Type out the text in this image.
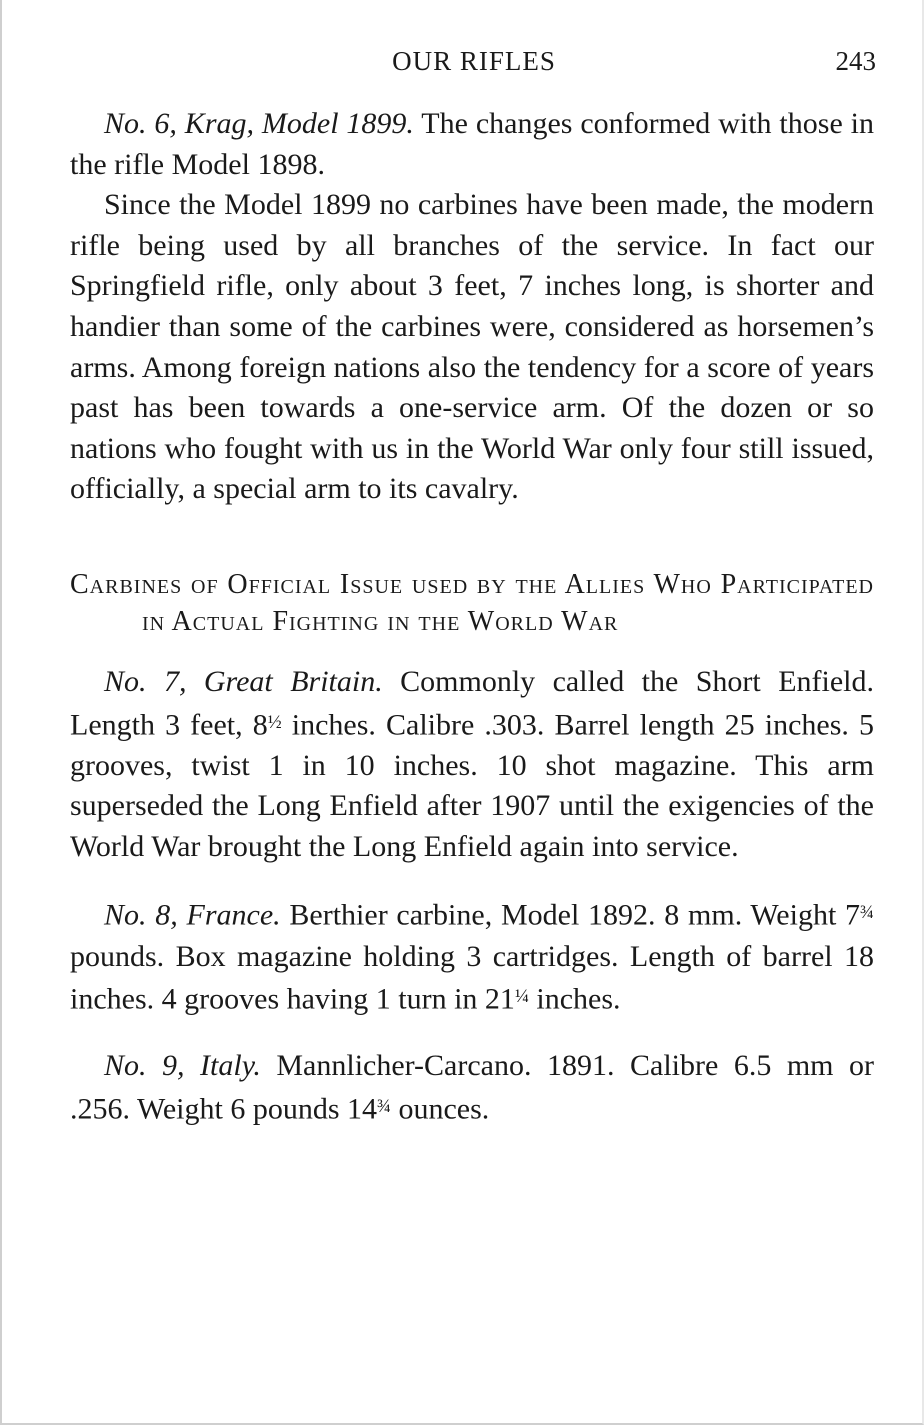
OUR RIFLES	243

No. 6, Krag, Model 1899. The changes conformed with those in the rifle Model 1898.

Since the Model 1899 no carbines have been made, the modern rifle being used by all branches of the service. In fact our Springfield rifle, only about 3 feet, 7 inches long, is shorter and handier than some of the carbines were, considered as horsemen’s arms. Among foreign nations also the tendency for a score of years past has been towards a one-service arm. Of the dozen or so nations who fought with us in the World War only four still issued, officially, a special arm to its cavalry.

Carbines of Official Issue used by the Allies Who Participated in Actual Fighting in the World War

No. 7, Great Britain. Commonly called the Short Enfield. Length 3 feet, $8^{\frac{1}{2}}$ inches. Calibre .303. Barrel length 25 inches. 5 grooves, twist 1 in 10 inches. 10 shot magazine. This arm superseded the Long Enfield after 1907 until the exigencies of the World War brought the Long Enfield again into service.

No. 8, France. Berthier carbine, Model 1892. 8 mm. Weight $7^{\frac{3}{4}}$ pounds. Box magazine holding 3 cartridges. Length of barrel 18 inches. 4 grooves having 1 turn in $21^{\frac{1}{4}}$ inches.

No. 9, Italy. Mannlicher-Carcano. 1891. Calibre 6.5 mm or .256. Weight 6 pounds $14^{\frac{3}{4}}$ ounces.
